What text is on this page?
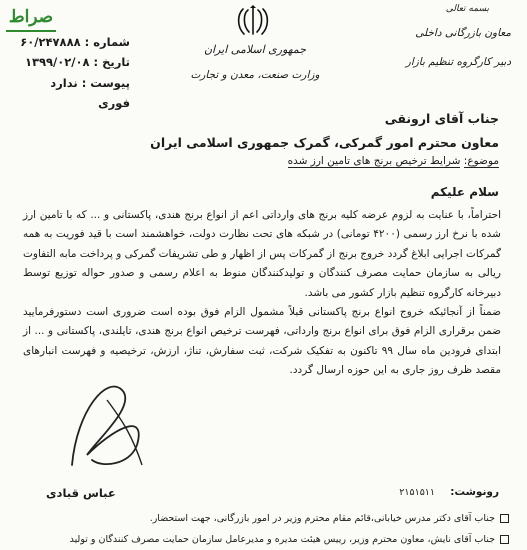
صراط
شماره : ۶۰/۲۴۷۸۸۸
تاریخ : ۱۳۹۹/۰۲/۰۸
پیوست : ندارد
فوری
جمهوری اسلامی ایران
وزارت صنعت، معدن و تجارت
بسمه تعالی
معاون بازرگانی داخلی
دبیر کارگروه تنظیم بازار
جناب آقای ارونقی
معاون محترم امور گمرکی، گمرک جمهوری اسلامی ایران
موضوع: شرایط ترخیص برنج های تامین ارز شده
سلام علیکم

احتراماً، با عنایت به لزوم عرضه کلیه برنج های وارداتی اعم از انواع برنج هندی، پاکستانی و ... که با تامین ارز شده با نرخ ارز رسمی (۴۲۰۰ تومانی) در شبکه های تحت نظارت دولت، خواهشمند است با قید فوریت به همه گمرکات اجرایی ابلاغ گردد خروج برنج از گمرکات پس از اظهار و طی تشریفات گمرکی و پرداخت مابه التفاوت ریالی به سازمان حمایت مصرف کنندگان و تولیدکنندگان منوط به اعلام رسمی و صدور حواله توزیع توسط دبیرخانه کارگروه تنظیم بازار کشور می باشد.

ضمناً از آنجائیکه خروج انواع برنج پاکستانی قبلاً مشمول الزام فوق بوده است ضروری است دستورفرمایید ضمن برقراری الزام فوق برای انواع برنج وارداتی، فهرست ترخیص انواع برنج هندی، تایلندی، پاکستانی و ... از ابتدای فرودین ماه سال ۹۹ تاکنون به تفکیک شرکت، ثبت سفارش، تناژ، ارزش، ترخیصیه و فهرست انبارهای مقصد ظرف روز جاری به این حوزه ارسال گردد.

عباس قبادی	رونوشت:
۲۱۵۱۵۱۱
جناب آقای دکتر مدرس خیابانی،قائم مقام محترم وزیر در امور بازرگانی، جهت استحضار.
جناب آقای نایش، معاون محترم وزیر، رییس هیئت مدیره و مدیرعامل سازمان حمایت مصرف کنندگان و تولید
